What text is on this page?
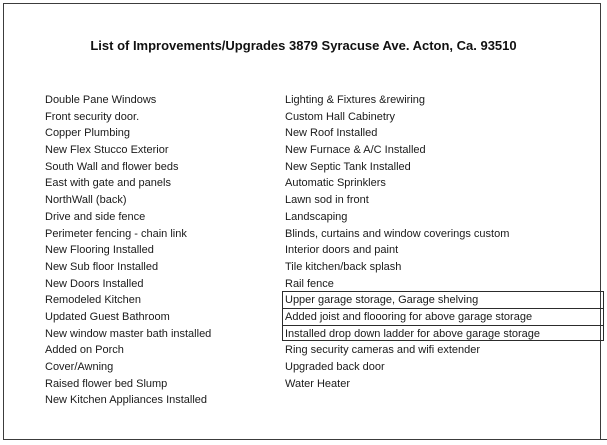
List of Improvements/Upgrades 3879 Syracuse Ave. Acton, Ca. 93510
Double Pane Windows
Front security door.
Copper Plumbing
New Flex Stucco Exterior
South Wall and flower beds
East with gate and panels
NorthWall (back)
Drive and side fence
Perimeter fencing - chain link
New Flooring Installed
New Sub floor Installed
New Doors Installed
Remodeled Kitchen
Updated Guest Bathroom
New window master bath installed
Added on Porch
Cover/Awning
Raised flower bed Slump
New Kitchen Appliances Installed
Lighting & Fixtures &rewiring
Custom Hall Cabinetry
New Roof Installed
New Furnace & A/C Installed
New Septic Tank Installed
Automatic Sprinklers
Lawn sod in front
Landscaping
Blinds, curtains and window coverings custom
Interior doors and paint
Tile kitchen/back splash
Rail fence
Upper garage storage, Garage shelving
Added joist and floooring for above garage storage
Installed drop down ladder for above garage storage
Ring security cameras and wifi extender
Upgraded back door
Water Heater
